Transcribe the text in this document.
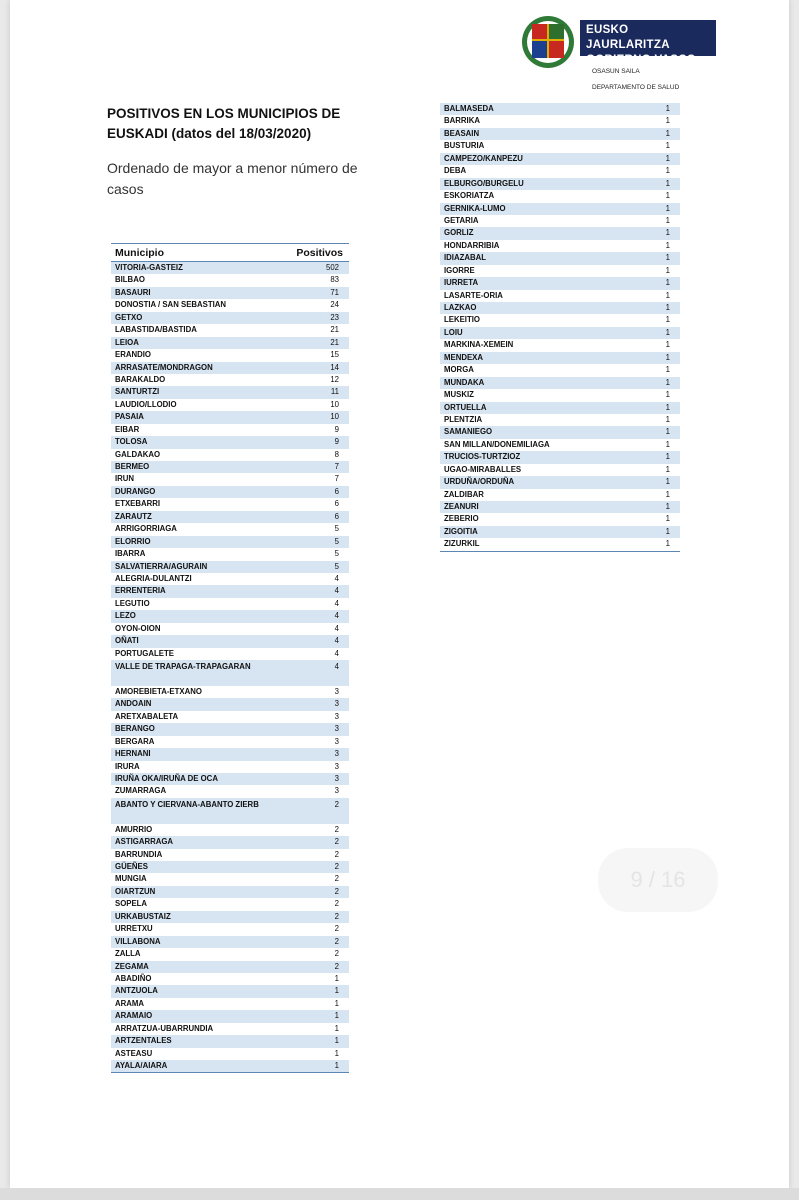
EUSKO JAURLARITZA
GOBIERNO VASCO
OSASUN SAILA
DEPARTAMENTO DE SALUD
POSITIVOS EN LOS MUNICIPIOS DE EUSKADI (datos del 18/03/2020)
Ordenado de mayor a menor número de casos
Municipio	Positivos
VITORIA-GASTEIZ	502
BILBAO	83
BASAURI	71
DONOSTIA / SAN SEBASTIAN	24
GETXO	23
LABASTIDA/BASTIDA	21
LEIOA	21
ERANDIO	15
ARRASATE/MONDRAGON	14
BARAKALDO	12
SANTURTZI	11
LAUDIO/LLODIO	10
PASAIA	10
EIBAR	9
TOLOSA	9
GALDAKAO	8
BERMEO	7
IRUN	7
DURANGO	6
ETXEBARRI	6
ZARAUTZ	6
ARRIGORRIAGA	5
ELORRIO	5
IBARRA	5
SALVATIERRA/AGURAIN	5
ALEGRIA-DULANTZI	4
ERRENTERIA	4
LEGUTIO	4
LEZO	4
OYON-OION	4
OÑATI	4
PORTUGALETE	4
VALLE DE TRAPAGA-TRAPAGARAN	4
AMOREBIETA-ETXANO	3
ANDOAIN	3
ARETXABALETA	3
BERANGO	3
BERGARA	3
HERNANI	3
IRURA	3
IRUÑA OKA/IRUÑA DE OCA	3
ZUMARRAGA	3
ABANTO Y CIERVANA-ABANTO ZIERB	2
AMURRIO	2
ASTIGARRAGA	2
BARRUNDIA	2
GÜEÑES	2
MUNGIA	2
OIARTZUN	2
SOPELA	2
URKABUSTAIZ	2
URRETXU	2
VILLABONA	2
ZALLA	2
ZEGAMA	2
ABADIÑO	1
ANTZUOLA	1
ARAMA	1
ARAMAIO	1
ARRATZUA-UBARRUNDIA	1
ARTZENTALES	1
ASTEASU	1
AYALA/AIARA	1
BALMASEDA	1
BARRIKA	1
BEASAIN	1
BUSTURIA	1
CAMPEZO/KANPEZU	1
DEBA	1
ELBURGO/BURGELU	1
ESKORIATZA	1
GERNIKA-LUMO	1
GETARIA	1
GORLIZ	1
HONDARRIBIA	1
IDIAZABAL	1
IGORRE	1
IURRETA	1
LASARTE-ORIA	1
LAZKAO	1
LEKEITIO	1
LOIU	1
MARKINA-XEMEIN	1
MENDEXA	1
MORGA	1
MUNDAKA	1
MUSKIZ	1
ORTUELLA	1
PLENTZIA	1
SAMANIEGO	1
SAN MILLAN/DONEMILIAGA	1
TRUCIOS-TURTZIOZ	1
UGAO-MIRABALLES	1
URDUÑA/ORDUÑA	1
ZALDIBAR	1
ZEANURI	1
ZEBERIO	1
ZIGOITIA	1
ZIZURKIL	1
9 / 16
